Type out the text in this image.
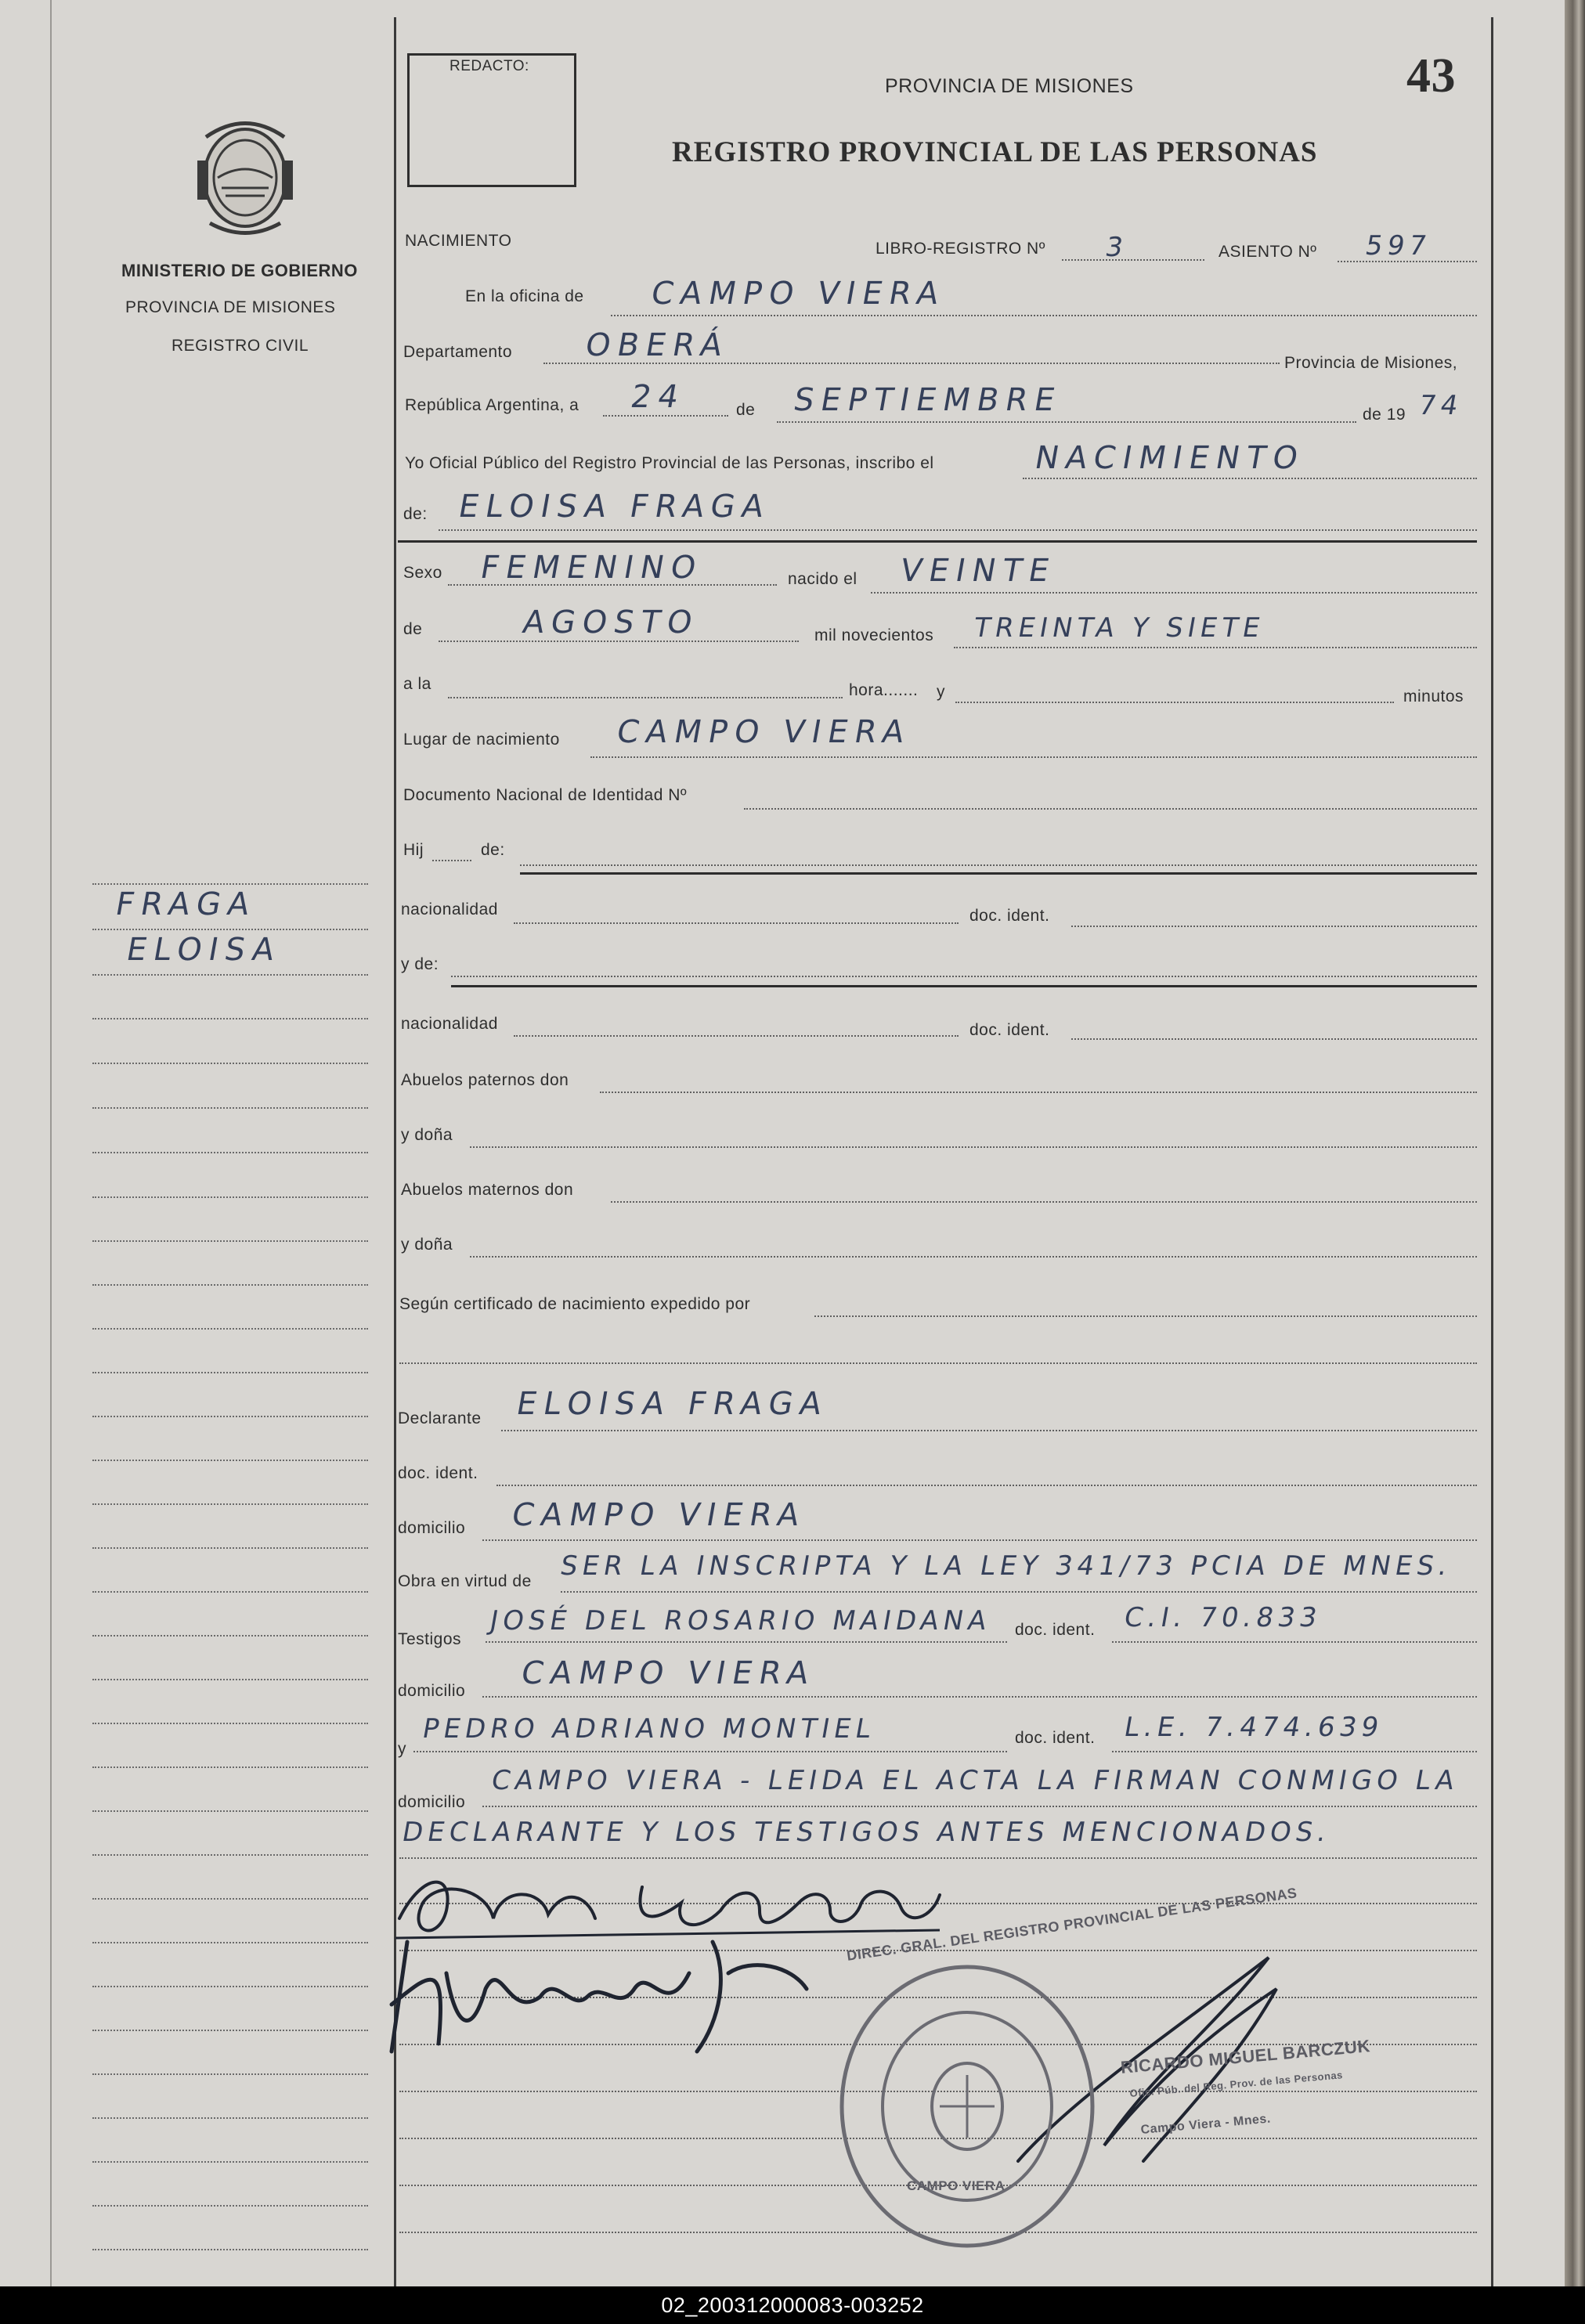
MINISTERIO DE GOBIERNO
PROVINCIA DE MISIONES
REGISTRO CIVIL
FRAGA
ELOISA
REDACTO:
PROVINCIA DE MISIONES
REGISTRO PROVINCIAL DE LAS PERSONAS
43
NACIMIENTO	LIBRO-REGISTRO Nº 3	ASIENTO Nº 597
En la oficina de CAMPO VIERA
Departamento OBERÁ	Provincia de Misiones,
República Argentina, a 24	de SEPTIEMBRE	de 19 74
Yo Oficial Público del Registro Provincial de las Personas, inscribo el	NACIMIENTO
de: ELOISA FRAGA
Sexo FEMENINO	nacido el VEINTE
de	AGOSTO	mil novecientos TREINTA Y SIETE
a la	hora....... y	minutos
Lugar de nacimiento CAMPO VIERA
Documento Nacional de Identidad Nº
Hij	de:
nacionalidad	doc. ident.
y de:
nacionalidad	doc. ident.
Abuelos paternos don
y doña
Abuelos maternos don
y doña
Según certificado de nacimiento expedido por
Declarante ELOISA FRAGA
doc. ident.
domicilio CAMPO VIERA
Obra en virtud de SER LA INSCRIPTA Y LA LEY 341/73 PCIA DE MNES.
Testigos
JOSÉ DEL ROSARIO MAIDANA doc. ident. C.I. 70.833
domicilio CAMPO VIERA
y
PEDRO ADRIANO MONTIEL	doc. ident. L.E. 7.474.639
domicilio
CAMPO VIERA - LEIDA EL ACTA LA FIRMAN CONMIGO LA
DECLARANTE Y LOS TESTIGOS ANTES MENCIONADOS.
DIREC. GRAL. DEL REGISTRO PROVINCIAL DE LAS PERSONAS
CAMPO VIERA
RICARDO MIGUEL BARCZUK
Ofic. Púb. del Reg. Prov. de las Personas
Campo Viera - Mnes.
02_200312000083-003252
